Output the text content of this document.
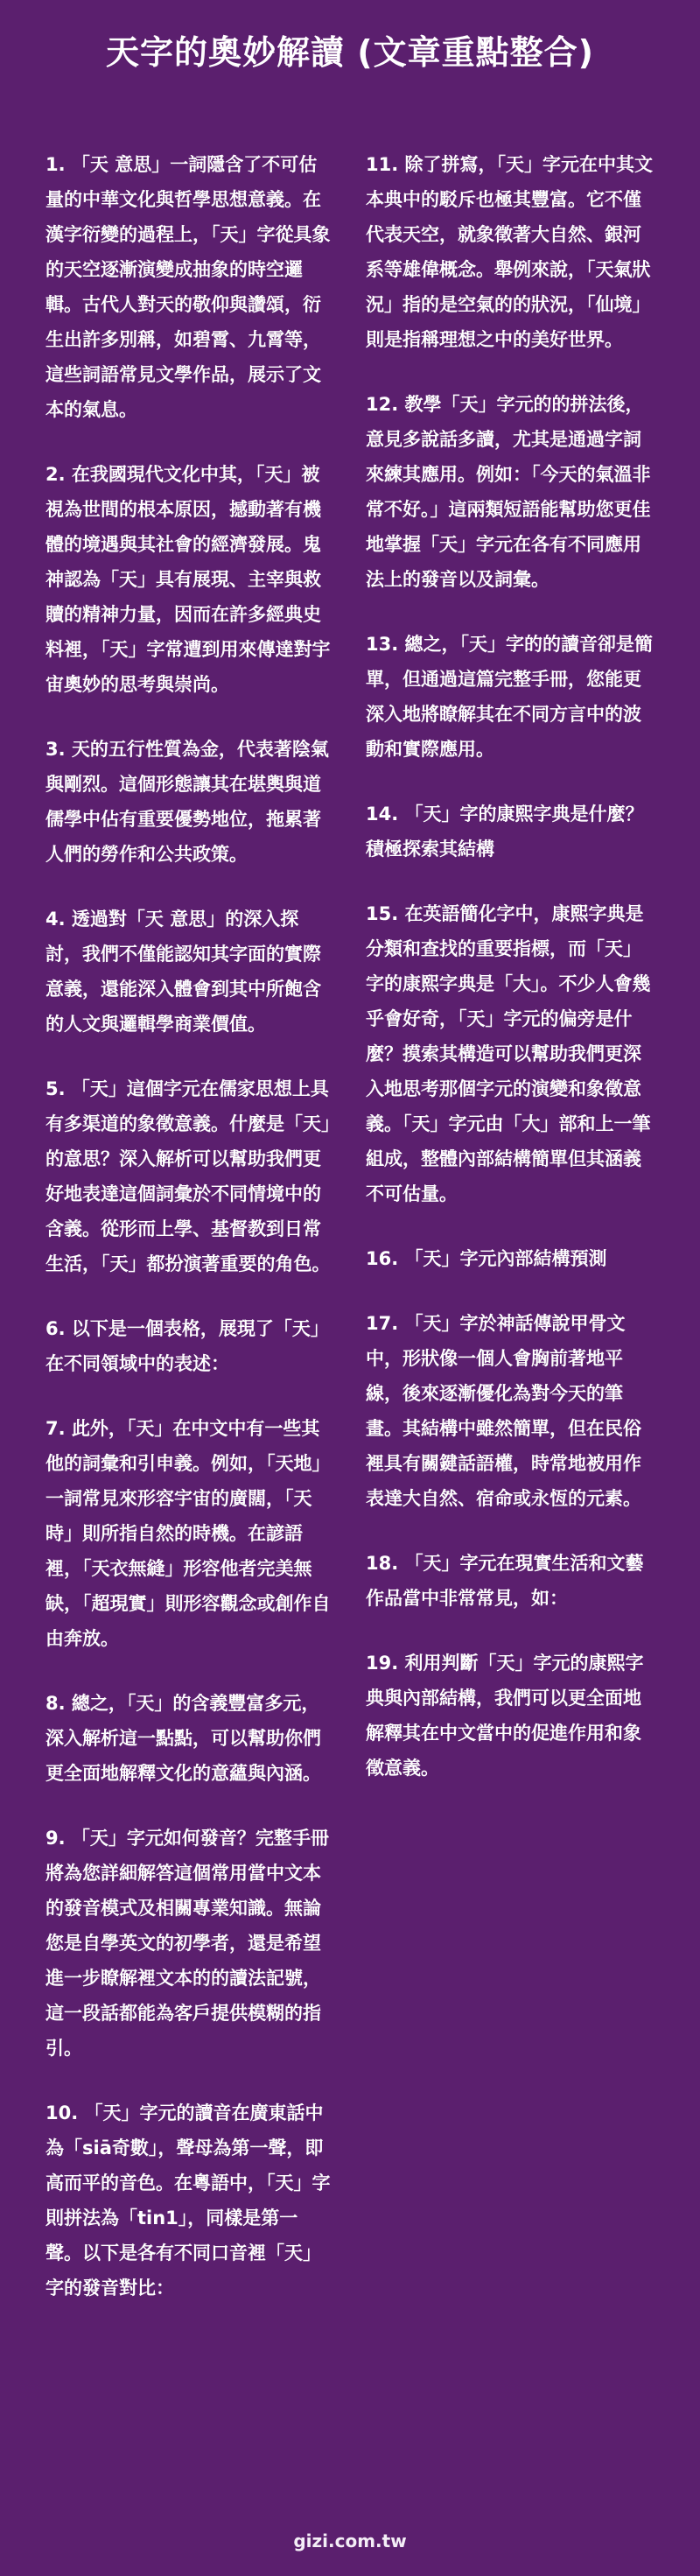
天字的奧妙解讀 (文章重點整合)

1. 「天 意思」一詞隱含了不可估量的中華文化與哲學思想意義。在漢字衍變的過程上，「天」字從具象的天空逐漸演變成抽象的時空邏輯。古代人對天的敬仰與讚頌，衍生出許多別稱，如碧霄、九霄等，這些詞語常見文學作品，展示了文本的氣息。

2. 在我國現代文化中其，「天」被視為世間的根本原因，撼動著有機體的境遇與其社會的經濟發展。鬼神認為「天」具有展現、主宰與救贖的精神力量，因而在許多經典史料裡，「天」字常遭到用來傳達對宇宙奧妙的思考與崇尚。

3. 天的五行性質為金，代表著陰氣與剛烈。這個形態讓其在堪輿與道儒學中佔有重要優勢地位，拖累著人們的勞作和公共政策。

4. 透過對「天 意思」的深入探討，我們不僅能認知其字面的實際意義，還能深入體會到其中所飽含的人文與邏輯學商業價值。

5. 「天」這個字元在儒家思想上具有多渠道的象徵意義。什麼是「天」的意思？深入解析可以幫助我們更好地表達這個詞彙於不同情境中的含義。從形而上學、基督教到日常生活，「天」都扮演著重要的角色。

6. 以下是一個表格，展現了「天」在不同領域中的表述：

7. 此外，「天」在中文中有一些其他的詞彙和引申義。例如，「天地」一詞常見來形容宇宙的廣闊，「天時」則所指自然的時機。在諺語裡，「天衣無縫」形容他者完美無缺，「超現實」則形容觀念或創作自由奔放。

8. 總之，「天」的含義豐富多元，深入解析這一點點，可以幫助你們更全面地解釋文化的意蘊與內涵。

9. 「天」字元如何發音？完整手冊將為您詳細解答這個常用當中文本的發音模式及相關專業知識。無論您是自學英文的初學者，還是希望進一步瞭解裡文本的的讀法記號，這一段話都能為客戶提供模糊的指引。

10. 「天」字元的讀音在廣東話中為「siā奇數」，聲母為第一聲，即高而平的音色。在粵語中，「天」字則拼法為「tin1」，同樣是第一聲。以下是各有不同口音裡「天」字的發音對比：

11. 除了拼寫，「天」字元在中其文本典中的駁斥也極其豐富。它不僅代表天空，就象徵著大自然、銀河系等雄偉概念。舉例來說，「天氣狀況」指的是空氣的的狀況，「仙境」則是指稱理想之中的美好世界。

12. 教學「天」字元的的拼法後，意見多說話多讀，尤其是通過字詞來練其應用。例如：「今天的氣溫非常不好。」這兩類短語能幫助您更佳地掌握「天」字元在各有不同應用法上的發音以及詞彙。

13. 總之，「天」字的的讀音卻是簡單，但通過這篇完整手冊，您能更深入地將瞭解其在不同方言中的波動和實際應用。

14. 「天」字的康熙字典是什麼？積極探索其結構

15. 在英語簡化字中，康熙字典是分類和查找的重要指標，而「天」字的康熙字典是「大」。不少人會幾乎會好奇，「天」字元的偏旁是什麼？摸索其構造可以幫助我們更深入地思考那個字元的演變和象徵意義。「天」字元由「大」部和上一筆組成，整體內部結構簡單但其涵義不可估量。

16. 「天」字元內部結構預測

17. 「天」字於神話傳說甲骨文中，形狀像一個人會胸前著地平線，後來逐漸優化為對今天的筆畫。其結構中雖然簡單，但在民俗裡具有關鍵話語權，時常地被用作表達大自然、宿命或永恆的元素。

18. 「天」字元在現實生活和文藝作品當中非常常見，如：

19. 利用判斷「天」字元的康熙字典與內部結構，我們可以更全面地解釋其在中文當中的促進作用和象徵意義。

gizi.com.tw
